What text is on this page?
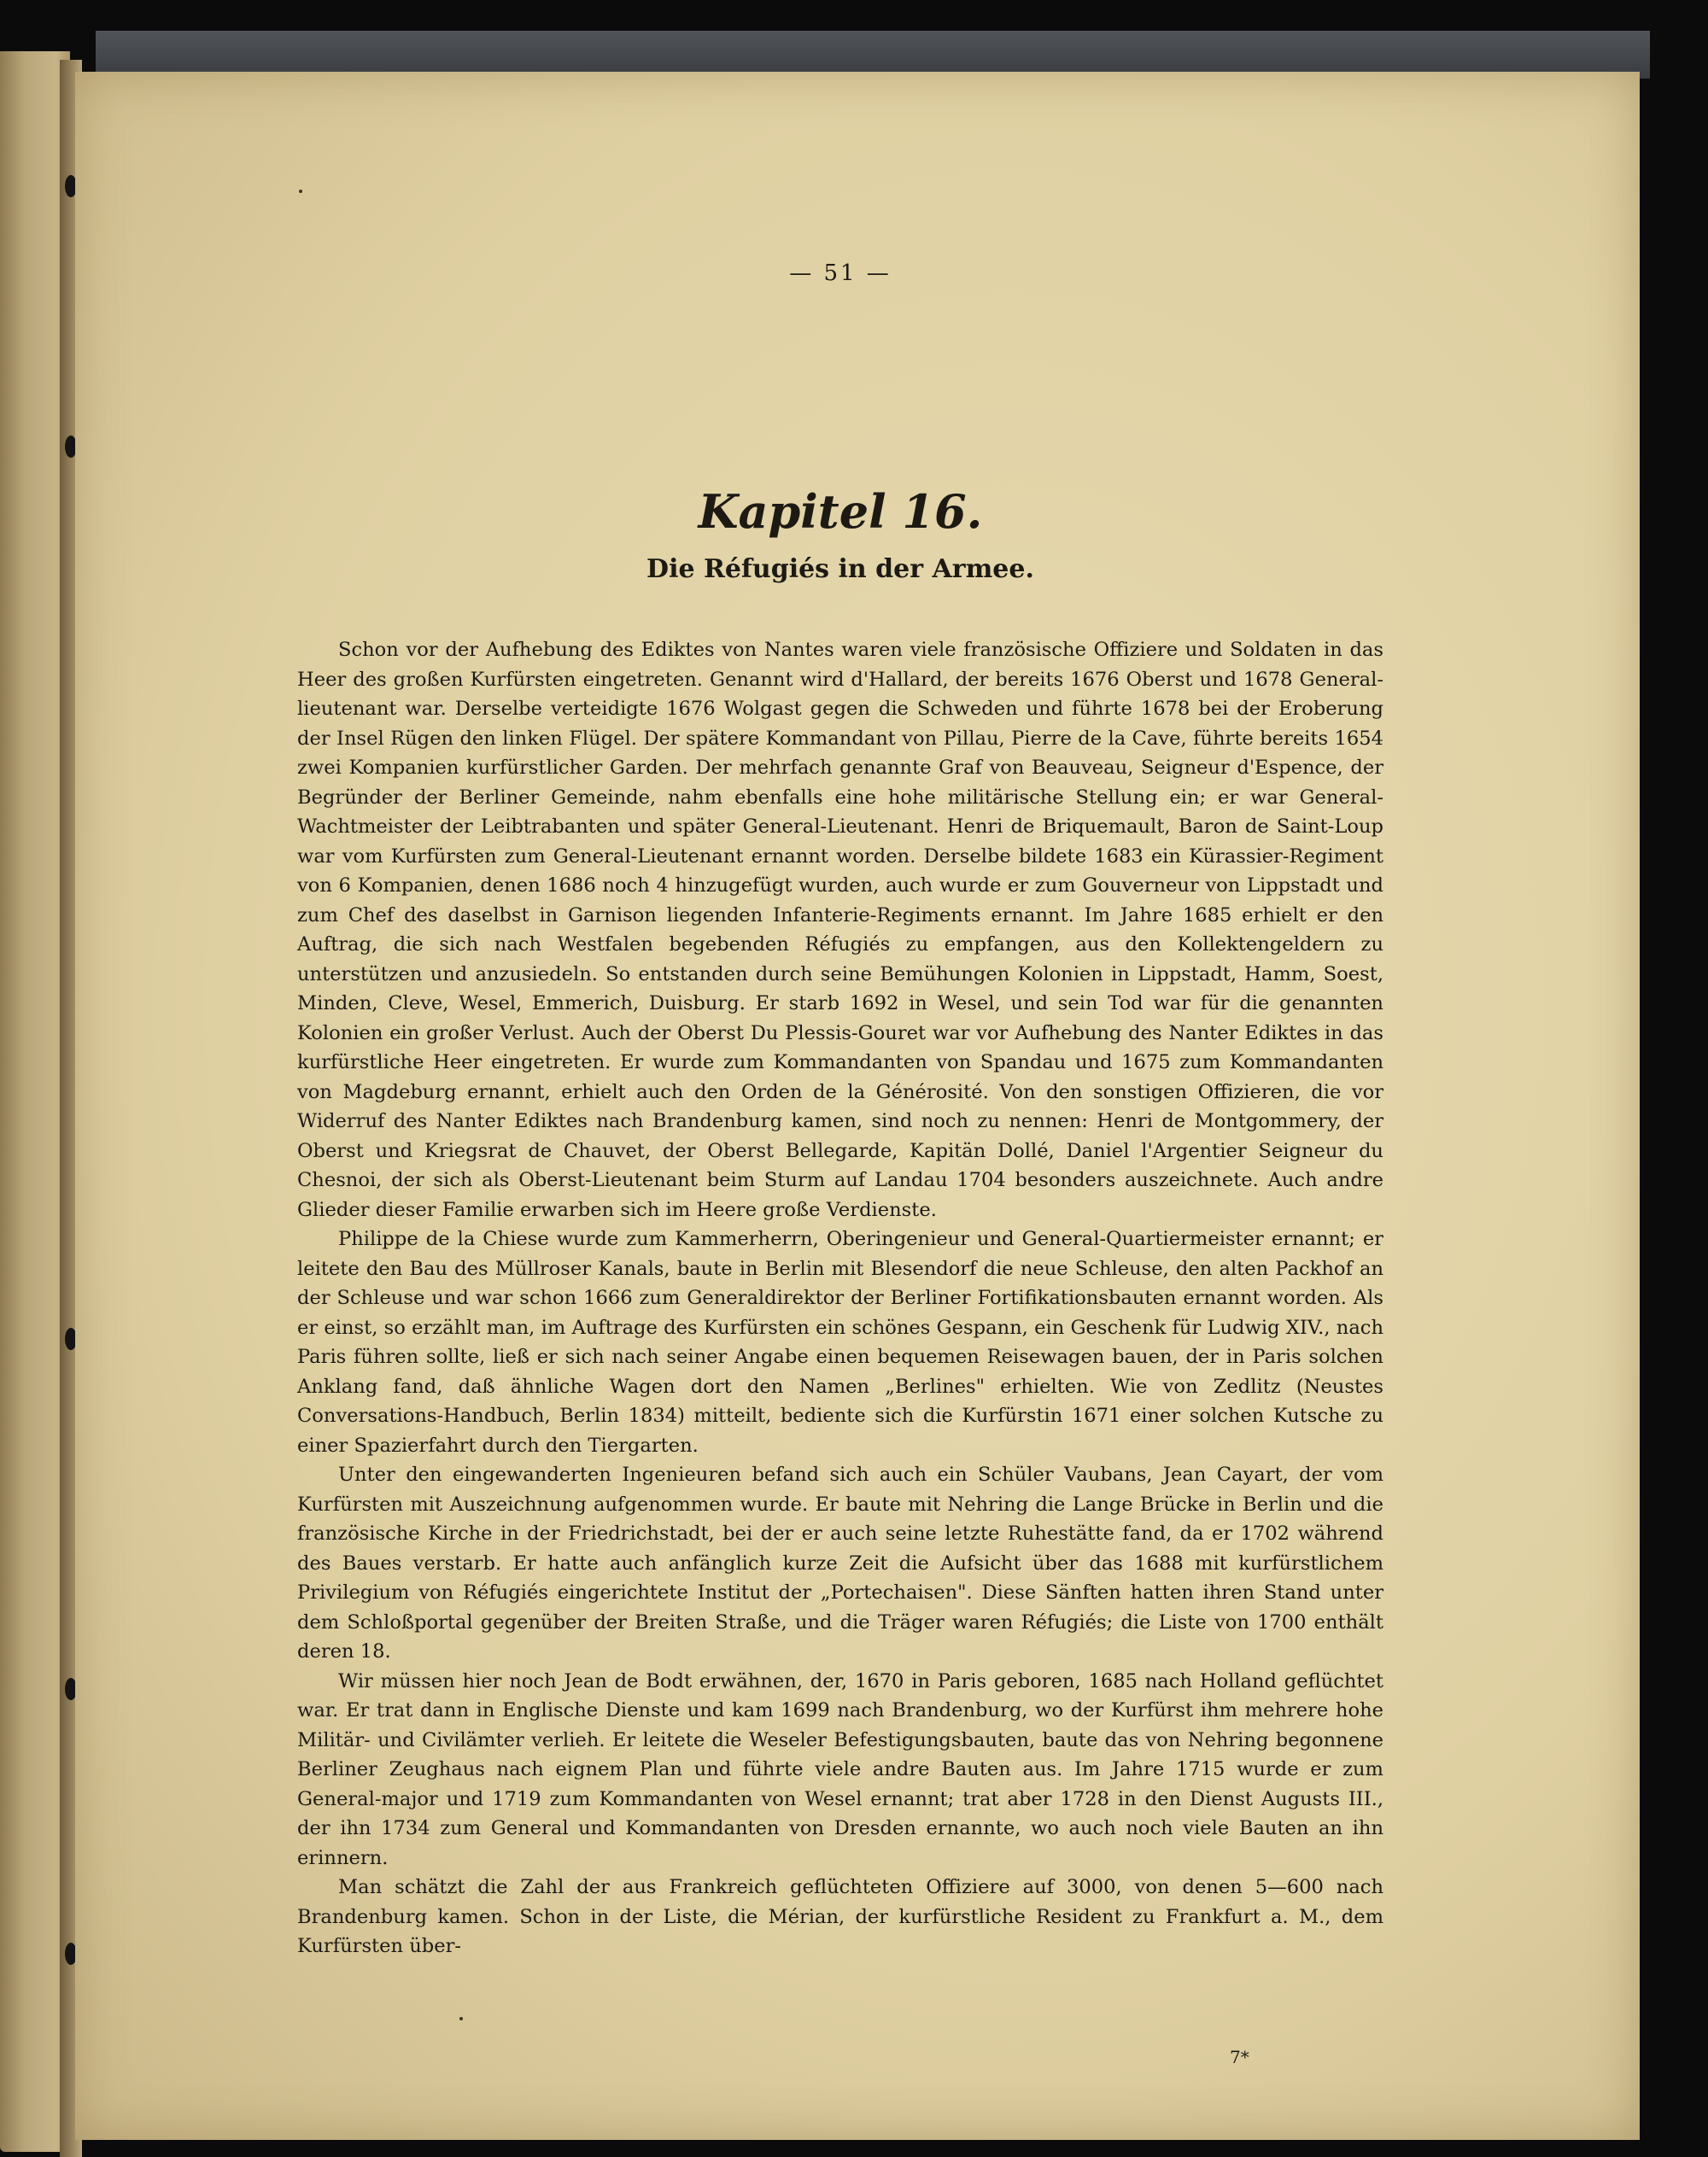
— 51 —
Kapitel 16.
Die Réfugiés in der Armee.

Schon vor der Aufhebung des Ediktes von Nantes waren viele französische Offiziere und Soldaten in das Heer des großen Kurfürsten eingetreten. Genannt wird d'Hallard, der bereits 1676 Oberst und 1678 General-lieutenant war. Derselbe verteidigte 1676 Wolgast gegen die Schweden und führte 1678 bei der Eroberung der Insel Rügen den linken Flügel. Der spätere Kommandant von Pillau, Pierre de la Cave, führte bereits 1654 zwei Kompanien kurfürstlicher Garden. Der mehrfach genannte Graf von Beauveau, Seigneur d'Espence, der Begründer der Berliner Gemeinde, nahm ebenfalls eine hohe militärische Stellung ein; er war General-Wachtmeister der Leibtrabanten und später General-Lieutenant. Henri de Briquemault, Baron de Saint-Loup war vom Kurfürsten zum General-Lieutenant ernannt worden. Derselbe bildete 1683 ein Kürassier-Regiment von 6 Kompanien, denen 1686 noch 4 hinzugefügt wurden, auch wurde er zum Gouverneur von Lippstadt und zum Chef des daselbst in Garnison liegenden Infanterie-Regiments ernannt. Im Jahre 1685 erhielt er den Auftrag, die sich nach Westfalen begebenden Réfugiés zu empfangen, aus den Kollektengeldern zu unterstützen und anzusiedeln. So entstanden durch seine Bemühungen Kolonien in Lippstadt, Hamm, Soest, Minden, Cleve, Wesel, Emmerich, Duisburg. Er starb 1692 in Wesel, und sein Tod war für die genannten Kolonien ein großer Verlust. Auch der Oberst Du Plessis-Gouret war vor Aufhebung des Nanter Ediktes in das kurfürstliche Heer eingetreten. Er wurde zum Kommandanten von Spandau und 1675 zum Kommandanten von Magdeburg ernannt, erhielt auch den Orden de la Générosité. Von den sonstigen Offizieren, die vor Widerruf des Nanter Ediktes nach Brandenburg kamen, sind noch zu nennen: Henri de Montgommery, der Oberst und Kriegsrat de Chauvet, der Oberst Bellegarde, Kapitän Dollé, Daniel l'Argentier Seigneur du Chesnoi, der sich als Oberst-Lieutenant beim Sturm auf Landau 1704 besonders auszeichnete. Auch andre Glieder dieser Familie erwarben sich im Heere große Verdienste.

Philippe de la Chiese wurde zum Kammerherrn, Oberingenieur und General-Quartiermeister ernannt; er leitete den Bau des Müllroser Kanals, baute in Berlin mit Blesendorf die neue Schleuse, den alten Packhof an der Schleuse und war schon 1666 zum Generaldirektor der Berliner Fortifikationsbauten ernannt worden. Als er einst, so erzählt man, im Auftrage des Kurfürsten ein schönes Gespann, ein Geschenk für Ludwig XIV., nach Paris führen sollte, ließ er sich nach seiner Angabe einen bequemen Reisewagen bauen, der in Paris solchen Anklang fand, daß ähnliche Wagen dort den Namen „Berlines" erhielten. Wie von Zedlitz (Neustes Conversations-Handbuch, Berlin 1834) mitteilt, bediente sich die Kurfürstin 1671 einer solchen Kutsche zu einer Spazierfahrt durch den Tiergarten.

Unter den eingewanderten Ingenieuren befand sich auch ein Schüler Vaubans, Jean Cayart, der vom Kurfürsten mit Auszeichnung aufgenommen wurde. Er baute mit Nehring die Lange Brücke in Berlin und die französische Kirche in der Friedrichstadt, bei der er auch seine letzte Ruhestätte fand, da er 1702 während des Baues verstarb. Er hatte auch anfänglich kurze Zeit die Aufsicht über das 1688 mit kurfürstlichem Privilegium von Réfugiés eingerichtete Institut der „Portechaisen". Diese Sänften hatten ihren Stand unter dem Schloßportal gegenüber der Breiten Straße, und die Träger waren Réfugiés; die Liste von 1700 enthält deren 18.

Wir müssen hier noch Jean de Bodt erwähnen, der, 1670 in Paris geboren, 1685 nach Holland geflüchtet war. Er trat dann in Englische Dienste und kam 1699 nach Brandenburg, wo der Kurfürst ihm mehrere hohe Militär- und Civilämter verlieh. Er leitete die Weseler Befestigungsbauten, baute das von Nehring begonnene Berliner Zeughaus nach eignem Plan und führte viele andre Bauten aus. Im Jahre 1715 wurde er zum General-major und 1719 zum Kommandanten von Wesel ernannt; trat aber 1728 in den Dienst Augusts III., der ihn 1734 zum General und Kommandanten von Dresden ernannte, wo auch noch viele Bauten an ihn erinnern.

Man schätzt die Zahl der aus Frankreich geflüchteten Offiziere auf 3000, von denen 5—600 nach Brandenburg kamen. Schon in der Liste, die Mérian, der kurfürstliche Resident zu Frankfurt a. M., dem Kurfürsten über-

7*
